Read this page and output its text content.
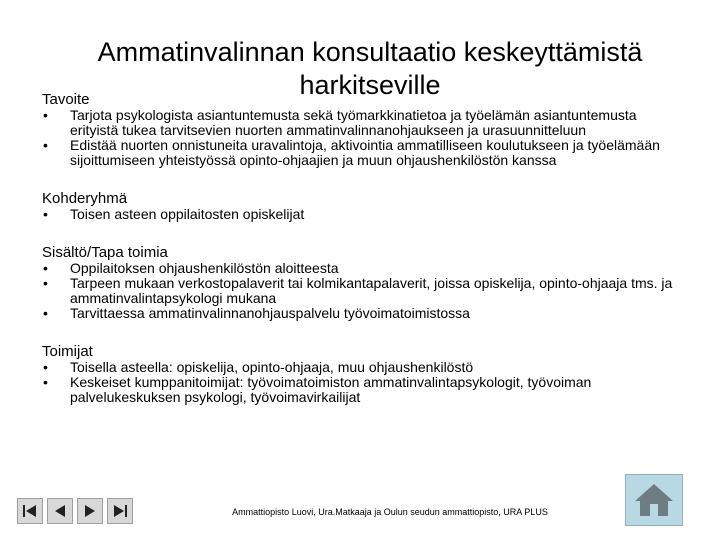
Ammatinvalinnan konsultaatio keskeyttämistä harkitseville

Tavoite

• Tarjota psykologista asiantuntemusta sekä työmarkkinatietoa ja työelämän asiantuntemusta erityistä tukea tarvitsevien nuorten ammatinvalinnanohjaukseen ja urasuunnitteluun
• Edistää nuorten onnistuneita uravalintoja, aktivointia ammatilliseen koulutukseen ja työelämään sijoittumiseen yhteistyössä opinto-ohjaajien ja muun ohjaushenkilöstön kanssa

Kohderyhmä

• Toisen asteen oppilaitosten opiskelijat

Sisältö/Tapa toimia

• Oppilaitoksen ohjaushenkilöstön aloitteesta
• Tarpeen mukaan verkostopalaverit tai kolmikantapalaverit, joissa opiskelija, opinto-ohjaaja tms. ja ammatinvalintapsykologi mukana
• Tarvittaessa ammatinvalinnanohjauspalvelu työvoimatoimistossa

Toimijat

• Toisella asteella: opiskelija, opinto-ohjaaja, muu ohjaushenkilöstö
• Keskeiset kumppanitoimijat: työvoimatoimiston ammatinvalintapsykologit, työvoiman palvelukeskuksen psykologi, työvoimavirkailijat
Ammattiopisto Luovi, Ura.Matkaaja ja Oulun seudun ammattiopisto, URA PLUS
